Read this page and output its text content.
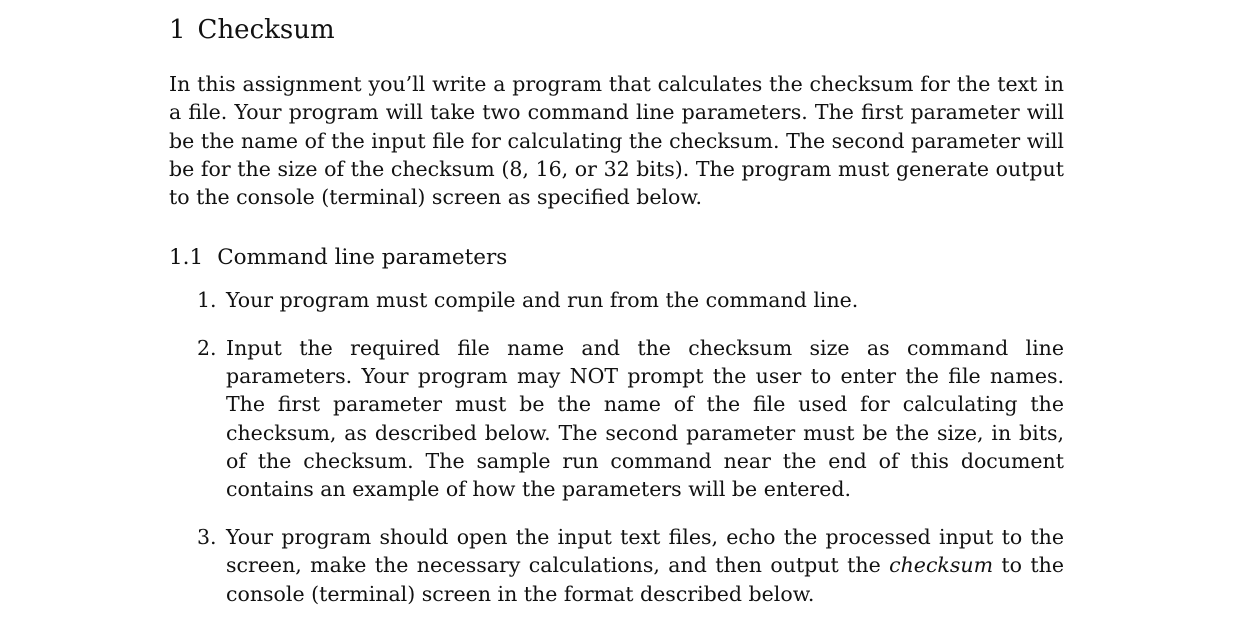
1 Checksum

In this assignment you’ll write a program that calculates the checksum for the text in a file. Your program will take two command line parameters. The first parameter will be the name of the input file for calculating the checksum. The second parameter will be for the size of the checksum (8, 16, or 32 bits). The program must generate output to the console (terminal) screen as specified below.

1.1 Command line parameters
1. Your program must compile and run from the command line.
2. Input the required file name and the checksum size as command line parameters. Your program may NOT prompt the user to enter the file names. The first parameter must be the name of the file used for calculating the checksum, as described below. The second parameter must be the size, in bits, of the checksum. The sample run command near the end of this document contains an example of how the parameters will be entered.
3. Your program should open the input text files, echo the processed input to the screen, make the necessary calculations, and then output the checksum to the console (terminal) screen in the format described below.
